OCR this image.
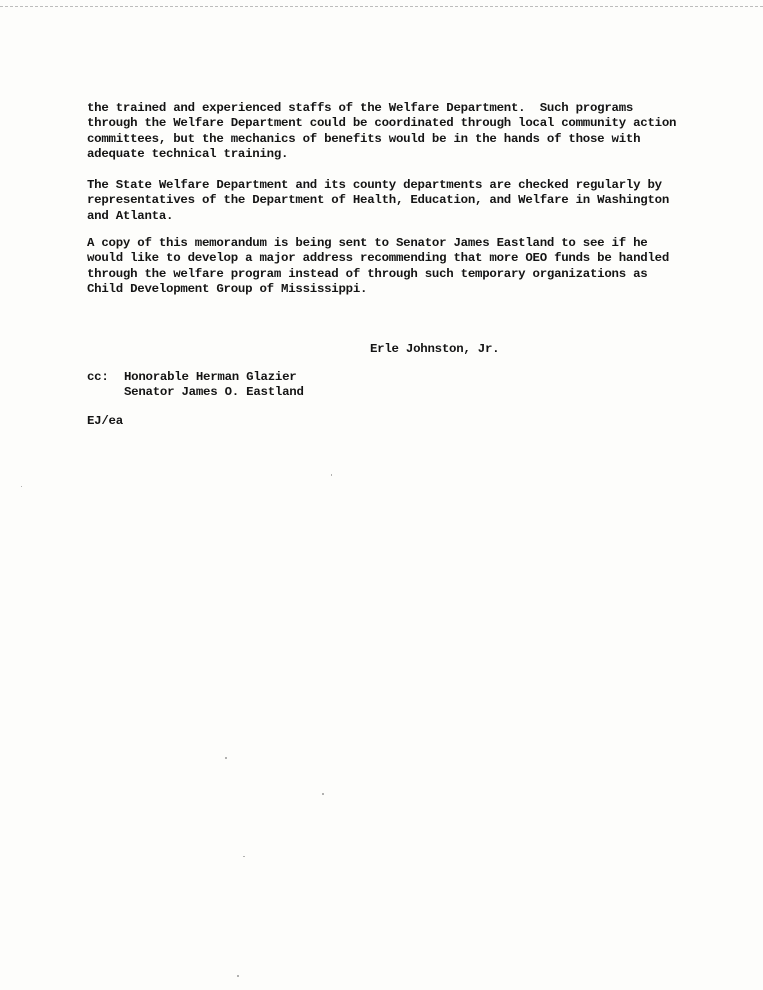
the trained and experienced staffs of the Welfare Department.  Such programs
through the Welfare Department could be coordinated through local community action
committees, but the mechanics of benefits would be in the hands of those with
adequate technical training.

The State Welfare Department and its county departments are checked regularly by
representatives of the Department of Health, Education, and Welfare in Washington
and Atlanta.

A copy of this memorandum is being sent to Senator James Eastland to see if he
would like to develop a major address recommending that more OEO funds be handled
through the welfare program instead of through such temporary organizations as
Child Development Group of Mississippi.

Erle Johnston, Jr.

cc: Honorable Herman Glazier
Senator James O. Eastland

EJ/ea
